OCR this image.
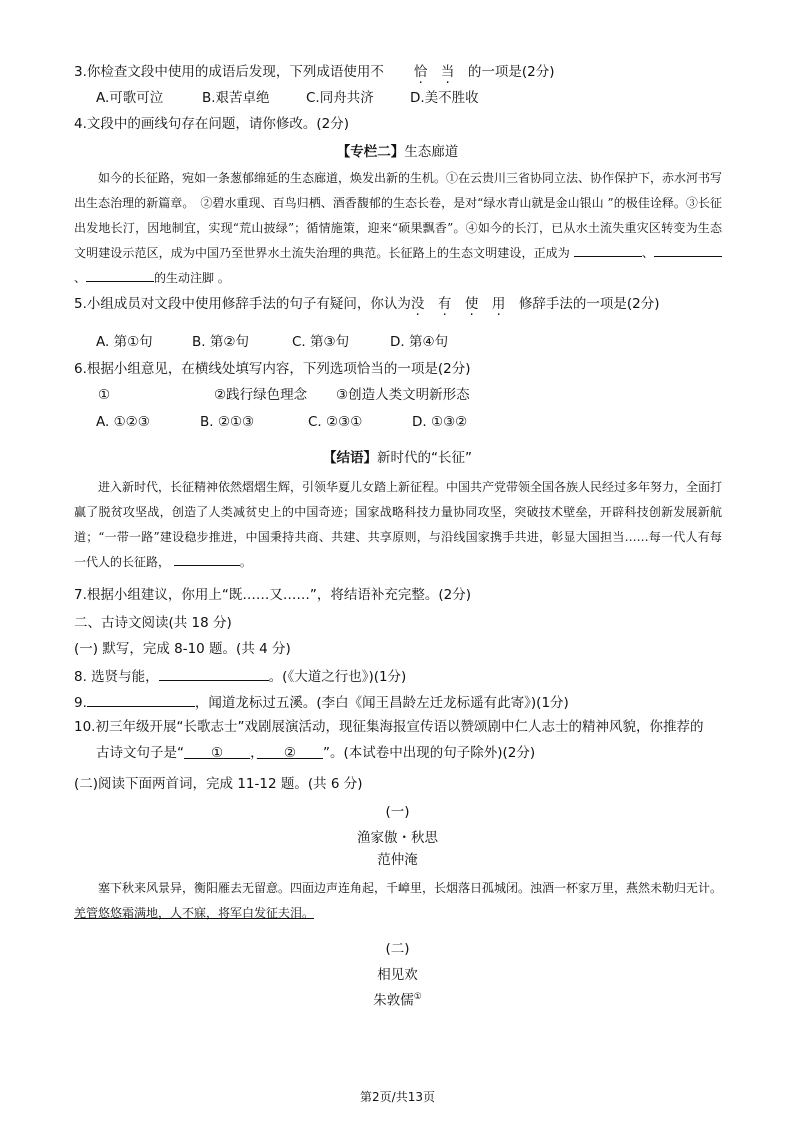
3.你检查文段中使用的成语后发现，下列成语使用不 恰　 当　 的一项是(2分)
A.可歌可泣	B.艰苦卓绝	C.同舟共济	D.美不胜收
4.文段中的画线句存在问题，请你修改。(2分)
【专栏二】生态廊道
如今的长征路，宛如一条葱郁绵延的生态廊道，焕发出新的生机。①在云贵川三省协同立法、协作保护下，赤水河书写出生态治理的新篇章。　②碧水重现、百鸟归栖、酒香馥郁的生态长卷，是对“绿水青山就是金山银山 ”的极佳诠释。③长征出发地长汀，因地制宜，实现“荒山披绿”；循情施策，迎来“硕果飘香”。④如今的长汀，已从水土流失重灾区转变为生态文明建设示范区，成为中国乃至世界水土流失治理的典范。长征路上的生态文明建设，正成为	、、	的生动注脚 。
5.小组成员对文段中使用修辞手法的句子有疑问，你认为没　 有　 使　 用　 修辞手法的一项是(2分)
A. 第①句	B. 第②句	C. 第③句	D. 第④句
6.根据小组意见，在横线处填写内容，下列选项恰当的一项是(2分)
①	②践行绿色理念 ③创造人类文明新形态
A. ①②③	B. ②①③	C. ②③①	D. ①③②
【结语】新时代的“长征”
进入新时代，长征精神依然熠熠生辉，引领华夏儿女踏上新征程。中国共产党带领全国各族人民经过多年努力，全面打赢了脱贫攻坚战，创造了人类减贫史上的中国奇迹；国家战略科技力量协同攻坚，突破技术壁垒，开辟科技创新发展新航道；“一带一路”建设稳步推进，中国秉持共商、共建、共享原则，与沿线国家携手共进，彰显大国担当……每一代人有每一代人的长征路，	。
7.根据小组建议，你用上“既……又……”，将结语补充完整。(2分)
二、古诗文阅读(共 18 分)
(一) 默写，完成 8-10 题。(共 4 分)
8. 选贤与能，	。(《大道之行也》)(1分)
9.	，闻道龙标过五溪。(李白《闻王昌龄左迁龙标遥有此寄》)(1分)
10.初三年级开展“长歌志士”戏剧展演活动，现征集海报宣传语以赞颂剧中仁人志士的精神风貌，你推荐的
古诗文句子是“　　 ①　　 ，　　 ②　　 ”。(本试卷中出现的句子除外)(2分)
(二)阅读下面两首词，完成 11-12 题。(共 6 分)
(一)
渔家傲・秋思
范仲淹
塞下秋来风景异，衡阳雁去无留意。四面边声连角起，千嶂里，长烟落日孤城闭。浊酒一杯家万里，燕然未勒归无计。羌管悠悠霜满地，人不寐，将军白发征夫泪。
(二)
相见欢
朱敦儒①
第2页/共13页
